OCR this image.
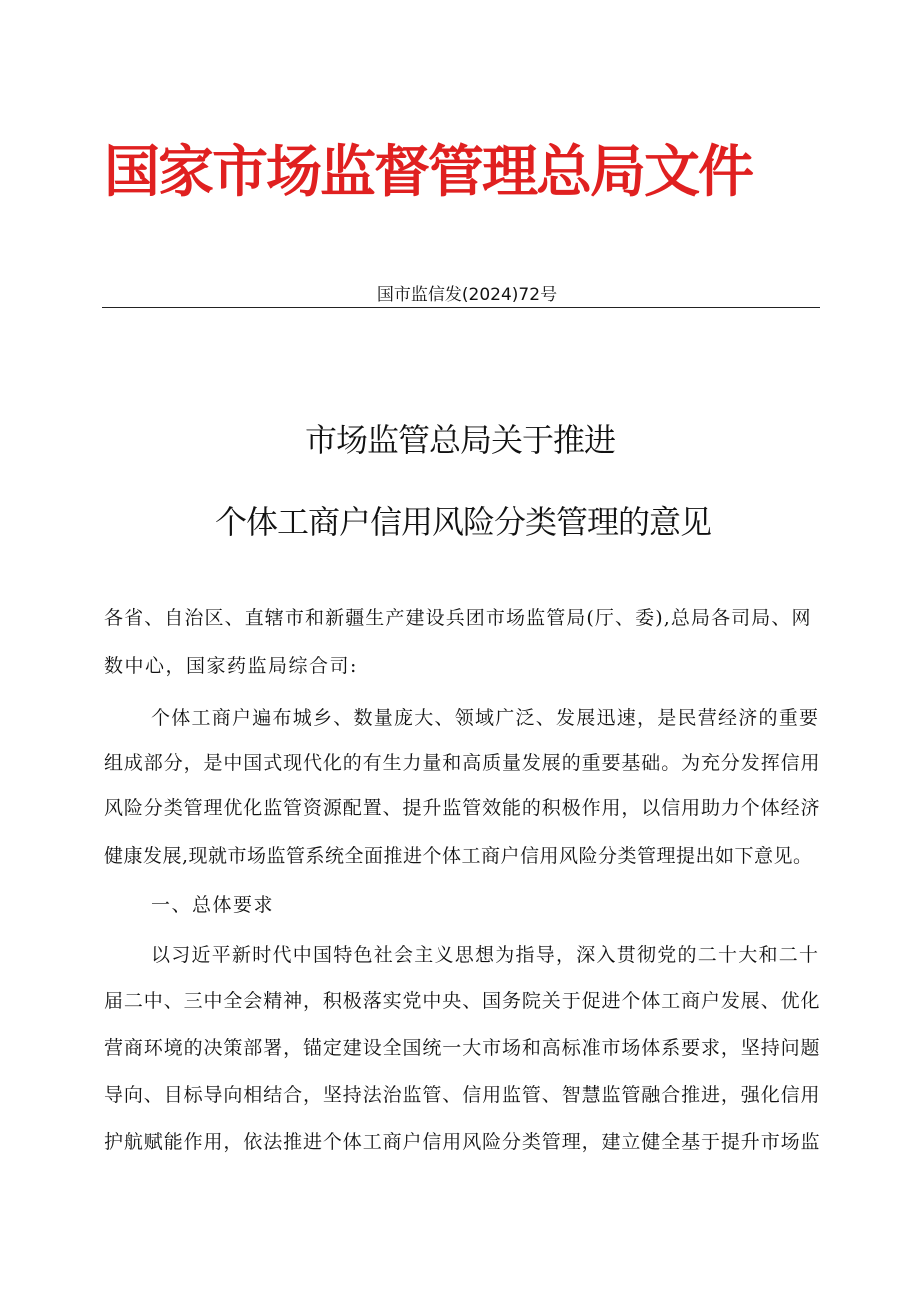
国家市场监督管理总局文件
国市监信发(2024)72号
市场监管总局关于推进
个体工商户信用风险分类管理的意见
各省、自治区、直辖市和新疆生产建设兵团市场监管局(厅、委),总局各司局、网
数中心，国家药监局综合司:
个体工商户遍布城乡、数量庞大、领域广泛、发展迅速，是民营经济的重要
组成部分，是中国式现代化的有生力量和高质量发展的重要基础。为充分发挥信用
风险分类管理优化监管资源配置、提升监管效能的积极作用，以信用助力个体经济
健康发展,现就市场监管系统全面推进个体工商户信用风险分类管理提出如下意见。
一、总体要求
以习近平新时代中国特色社会主义思想为指导，深入贯彻党的二十大和二十
届二中、三中全会精神，积极落实党中央、国务院关于促进个体工商户发展、优化
营商环境的决策部署，锚定建设全国统一大市场和高标准市场体系要求，坚持问题
导向、目标导向相结合，坚持法治监管、信用监管、智慧监管融合推进，强化信用
护航赋能作用，依法推进个体工商户信用风险分类管理，建立健全基于提升市场监
